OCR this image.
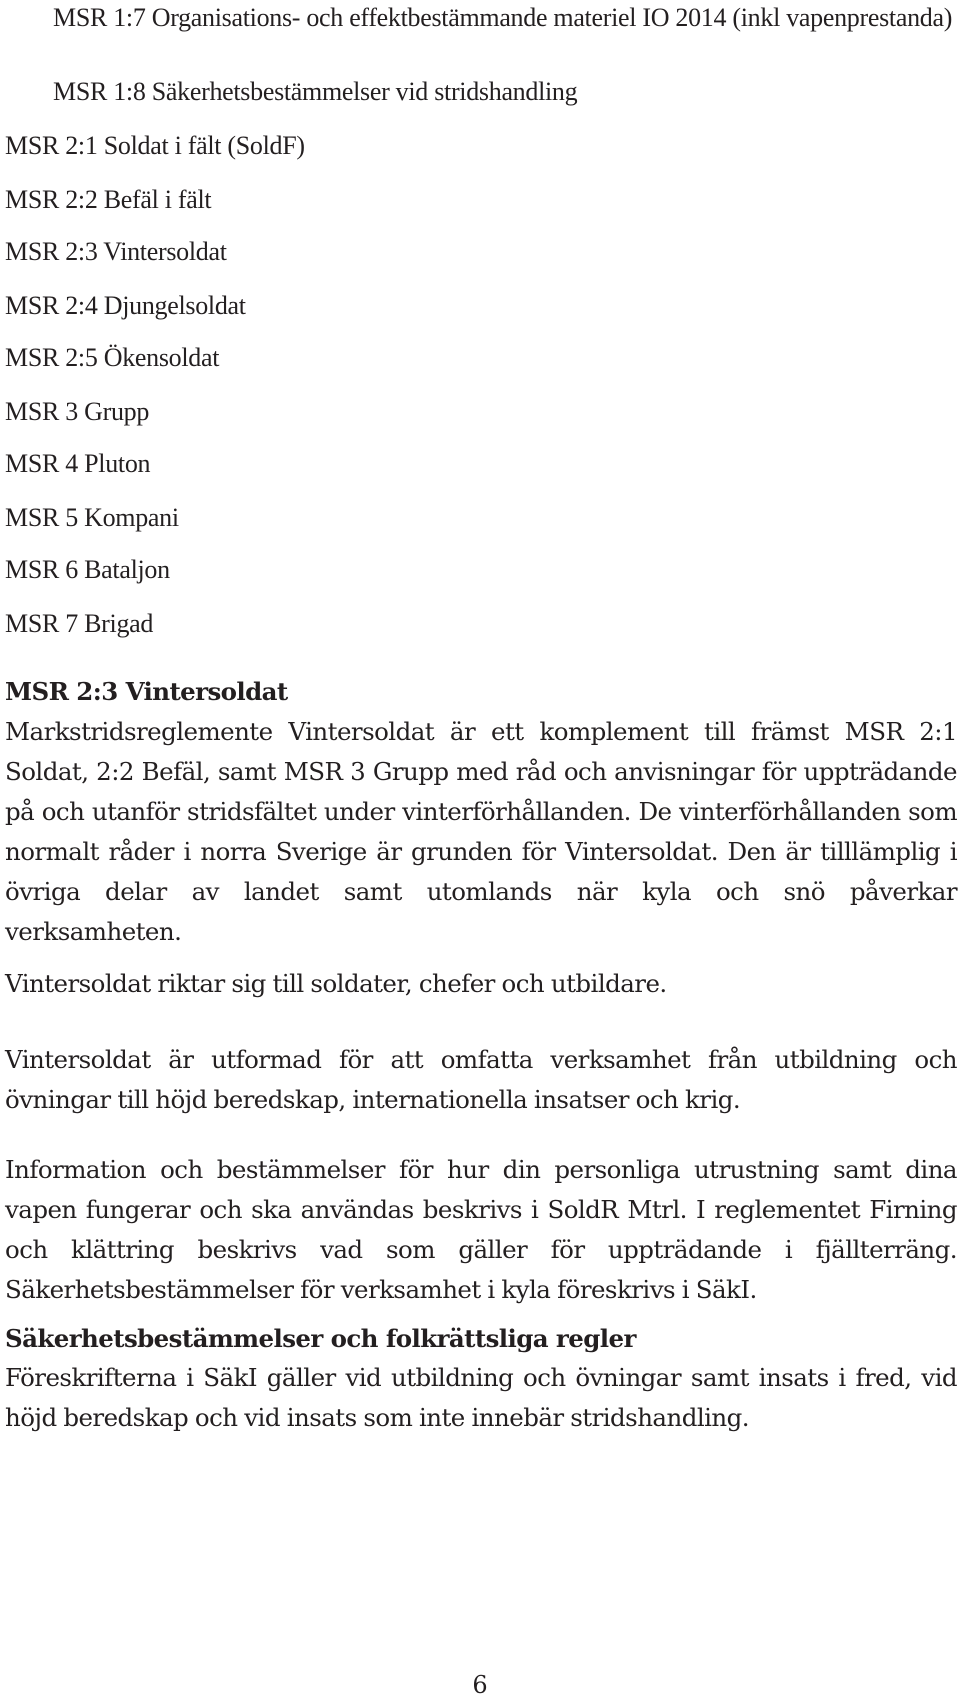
MSR 1:7 Organisations- och effektbestämmande materiel IO 2014 (inkl vapenprestanda)
MSR 1:8 Säkerhetsbestämmelser vid stridshandling
MSR 2:1 Soldat i fält (SoldF)
MSR 2:2 Befäl i fält
MSR 2:3 Vintersoldat
MSR 2:4 Djungelsoldat
MSR 2:5 Ökensoldat
MSR 3 Grupp
MSR 4 Pluton
MSR 5 Kompani
MSR 6 Bataljon
MSR 7 Brigad
MSR 2:3 Vintersoldat
Markstridsreglemente Vintersoldat är ett komplement till främst MSR 2:1 Soldat, 2:2 Befäl, samt MSR 3 Grupp med råd och anvisningar för uppträdande på och utanför stridsfältet under vinterförhållanden. De vinterförhållanden som normalt råder i norra Sverige är grunden för Vintersoldat. Den är tilllämplig i övriga delar av landet samt utomlands när kyla och snö påverkar verksamheten.
Vintersoldat riktar sig till soldater, chefer och utbildare.
Vintersoldat är utformad för att omfatta verksamhet från utbildning och övningar till höjd beredskap, internationella insatser och krig.
Information och bestämmelser för hur din personliga utrustning samt dina vapen fungerar och ska användas beskrivs i SoldR Mtrl. I reglementet Firning och klättring beskrivs vad som gäller för uppträdande i fjällterräng. Säkerhetsbestämmelser för verksamhet i kyla föreskrivs i SäkI.
Säkerhetsbestämmelser och folkrättsliga regler
Föreskrifterna i SäkI gäller vid utbildning och övningar samt insats i fred, vid höjd beredskap och vid insats som inte innebär stridshandling.
6
